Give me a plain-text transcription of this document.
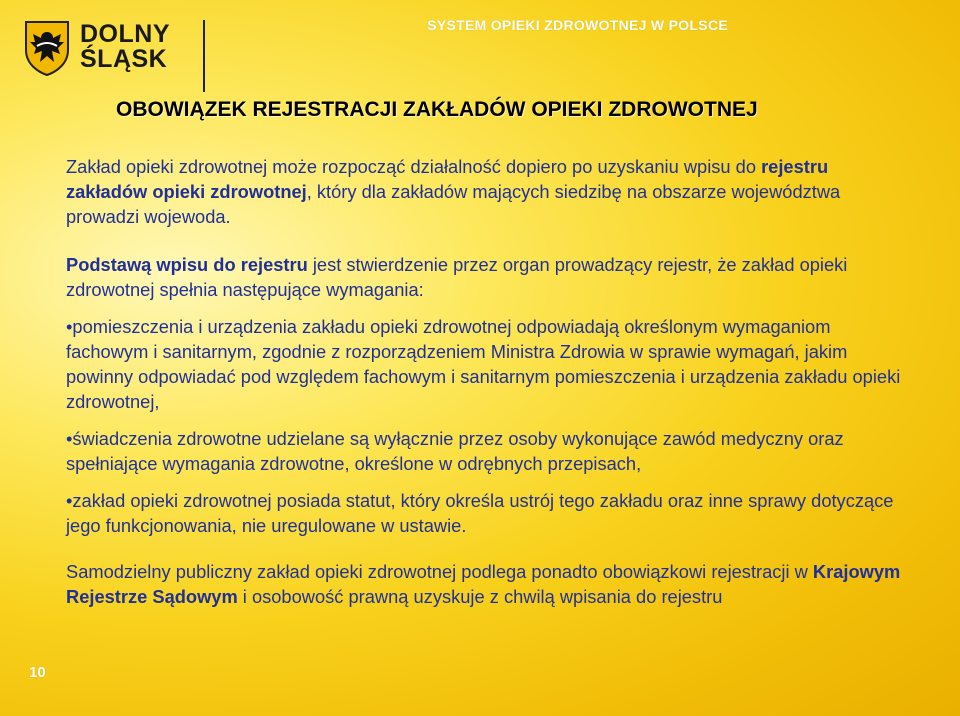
DOLNY
ŚLĄSK
SYSTEM OPIEKI ZDROWOTNEJ W POLSCE
OBOWIĄZEK REJESTRACJI ZAKŁADÓW OPIEKI ZDROWOTNEJ

Zakład opieki zdrowotnej może rozpocząć działalność dopiero po uzyskaniu wpisu do rejestru zakładów opieki zdrowotnej, który dla zakładów mających siedzibę na obszarze województwa prowadzi wojewoda.

Podstawą wpisu do rejestru jest stwierdzenie przez organ prowadzący rejestr, że zakład opieki zdrowotnej spełnia następujące wymagania:

•pomieszczenia i urządzenia zakładu opieki zdrowotnej odpowiadają określonym wymaganiom fachowym i sanitarnym, zgodnie z rozporządzeniem Ministra Zdrowia w sprawie wymagań, jakim powinny odpowiadać pod względem fachowym i sanitarnym pomieszczenia i urządzenia zakładu opieki zdrowotnej,

•świadczenia zdrowotne udzielane są wyłącznie przez osoby wykonujące zawód medyczny oraz spełniające wymagania zdrowotne, określone w odrębnych przepisach,

•zakład opieki zdrowotnej posiada statut, który określa ustrój tego zakładu oraz inne sprawy dotyczące jego funkcjonowania, nie uregulowane w ustawie.

Samodzielny publiczny zakład opieki zdrowotnej podlega ponadto obowiązkowi rejestracji w Krajowym Rejestrze Sądowym i osobowość prawną uzyskuje z chwilą wpisania do rejestru

10
